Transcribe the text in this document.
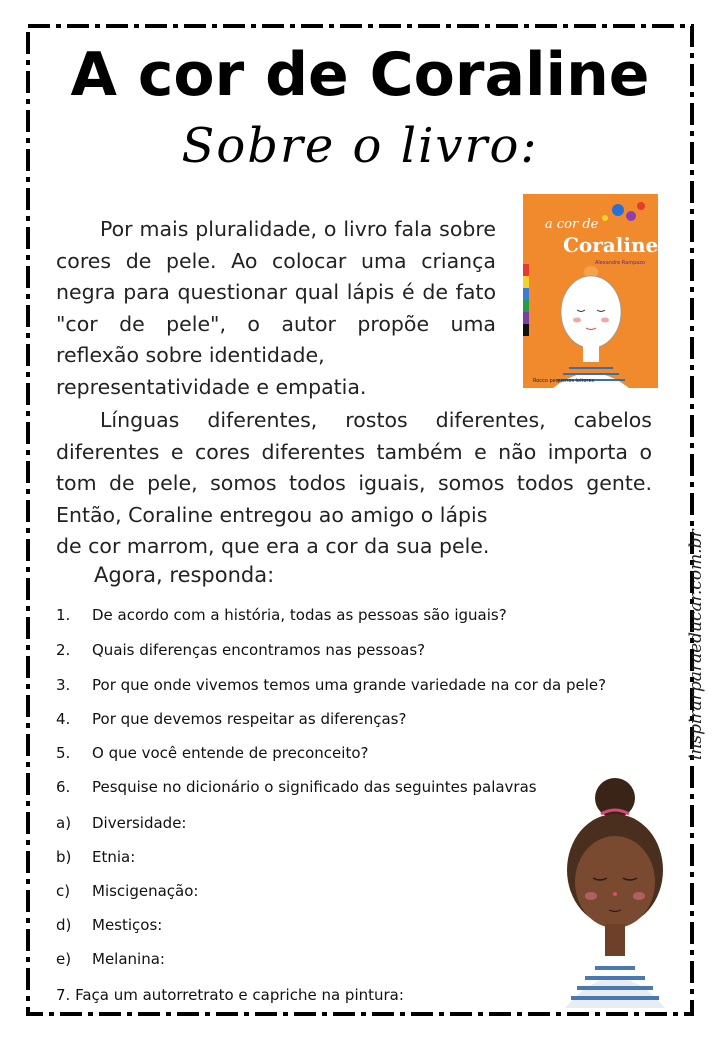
A cor de Coraline
Sobre o livro:
Por mais pluralidade, o livro fala sobre cores de pele. Ao colocar uma criança negra para questionar qual lápis é de fato "cor de pele", o autor propõe uma reflexão sobre identidade,
representatividade e empatia.
a cor de
Coraline
Alexandre Rampazo
Rocco pequenos leitores
Línguas diferentes, rostos diferentes, cabelos diferentes e cores diferentes também e não importa o tom de pele, somos todos iguais, somos todos gente. Então, Coraline entregou ao amigo o lápis
de cor marrom, que era a cor da sua pele.
Agora, responda:
1. De acordo com a história, todas as pessoas são iguais?
2. Quais diferenças encontramos nas pessoas?
3. Por que onde vivemos temos uma grande variedade na cor da pele?
4. Por que devemos respeitar as diferenças?
5. O que você entende de preconceito?
6. Pesquise no dicionário o significado das seguintes palavras
a) Diversidade:
b) Etnia:
c) Miscigenação:
d) Mestiços:
e) Melanina:
7. Faça um autorretrato e capriche na pintura:
inspirarparaeducar.com.br
